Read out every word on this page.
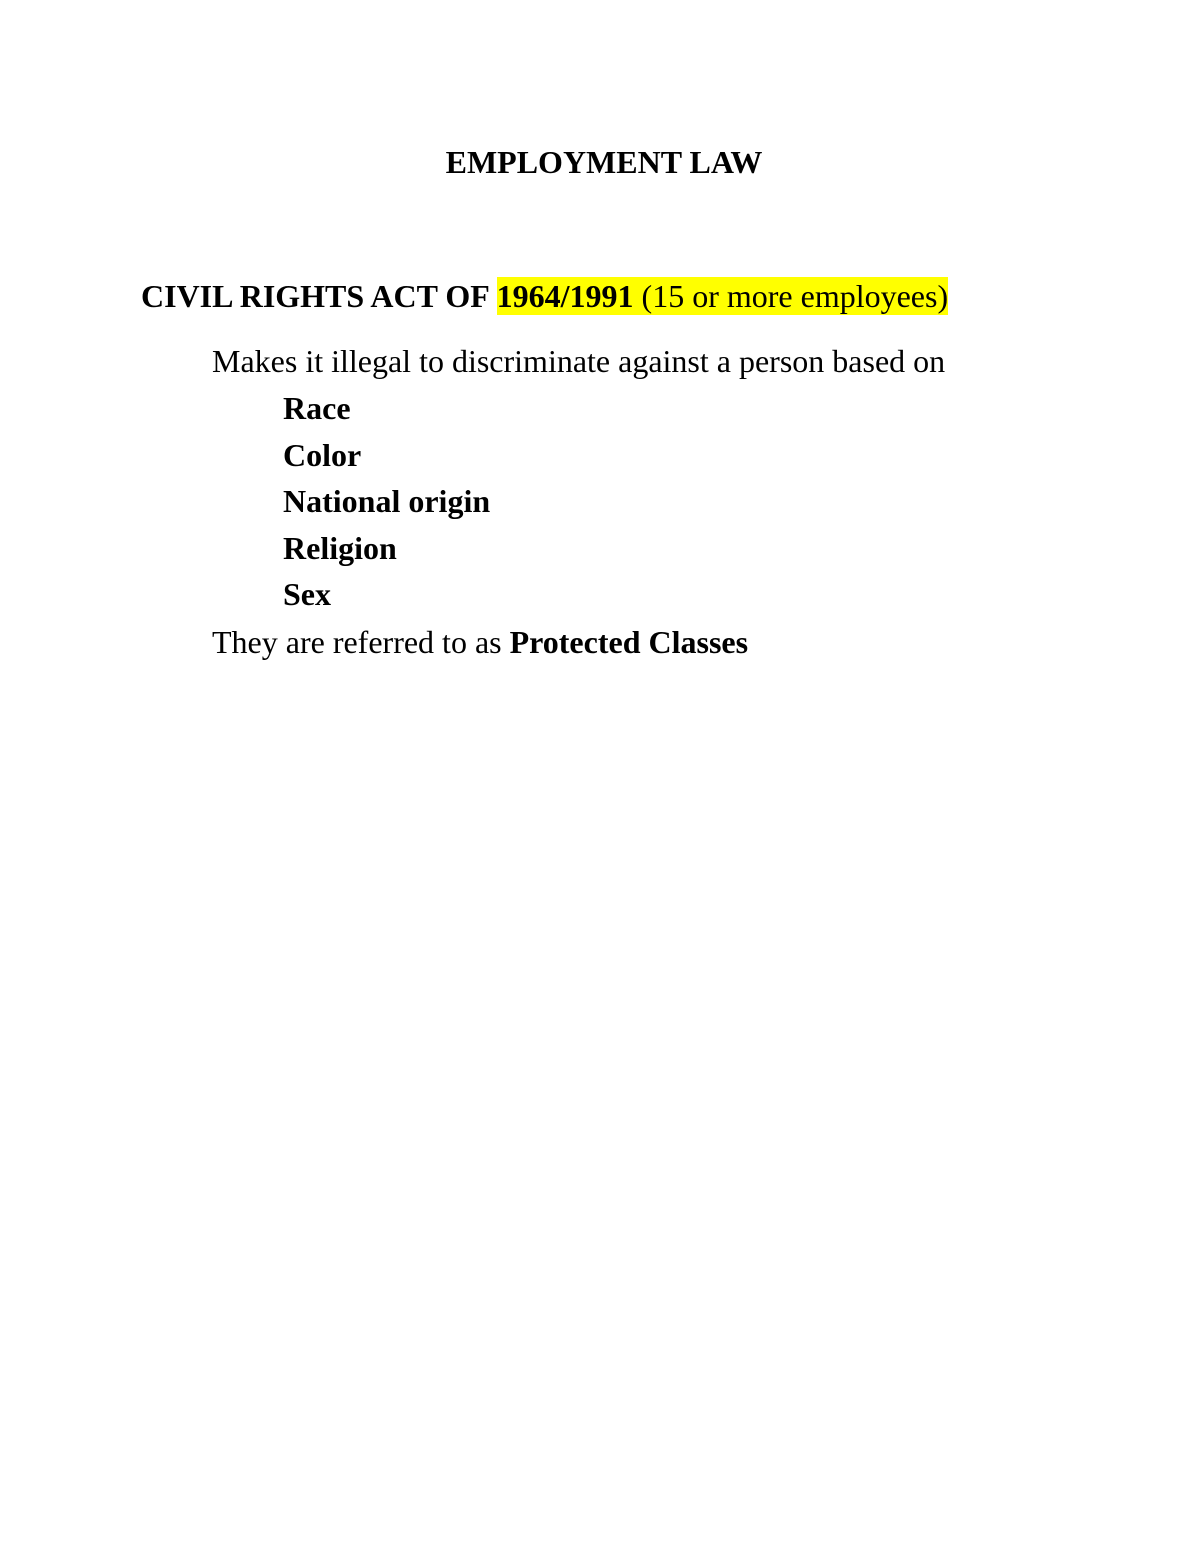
EMPLOYMENT LAW

CIVIL RIGHTS ACT OF 1964/1991 (15 or more employees)

Makes it illegal to discriminate against a person based on

Race
Color
National origin
Religion
Sex

They are referred to as Protected Classes
